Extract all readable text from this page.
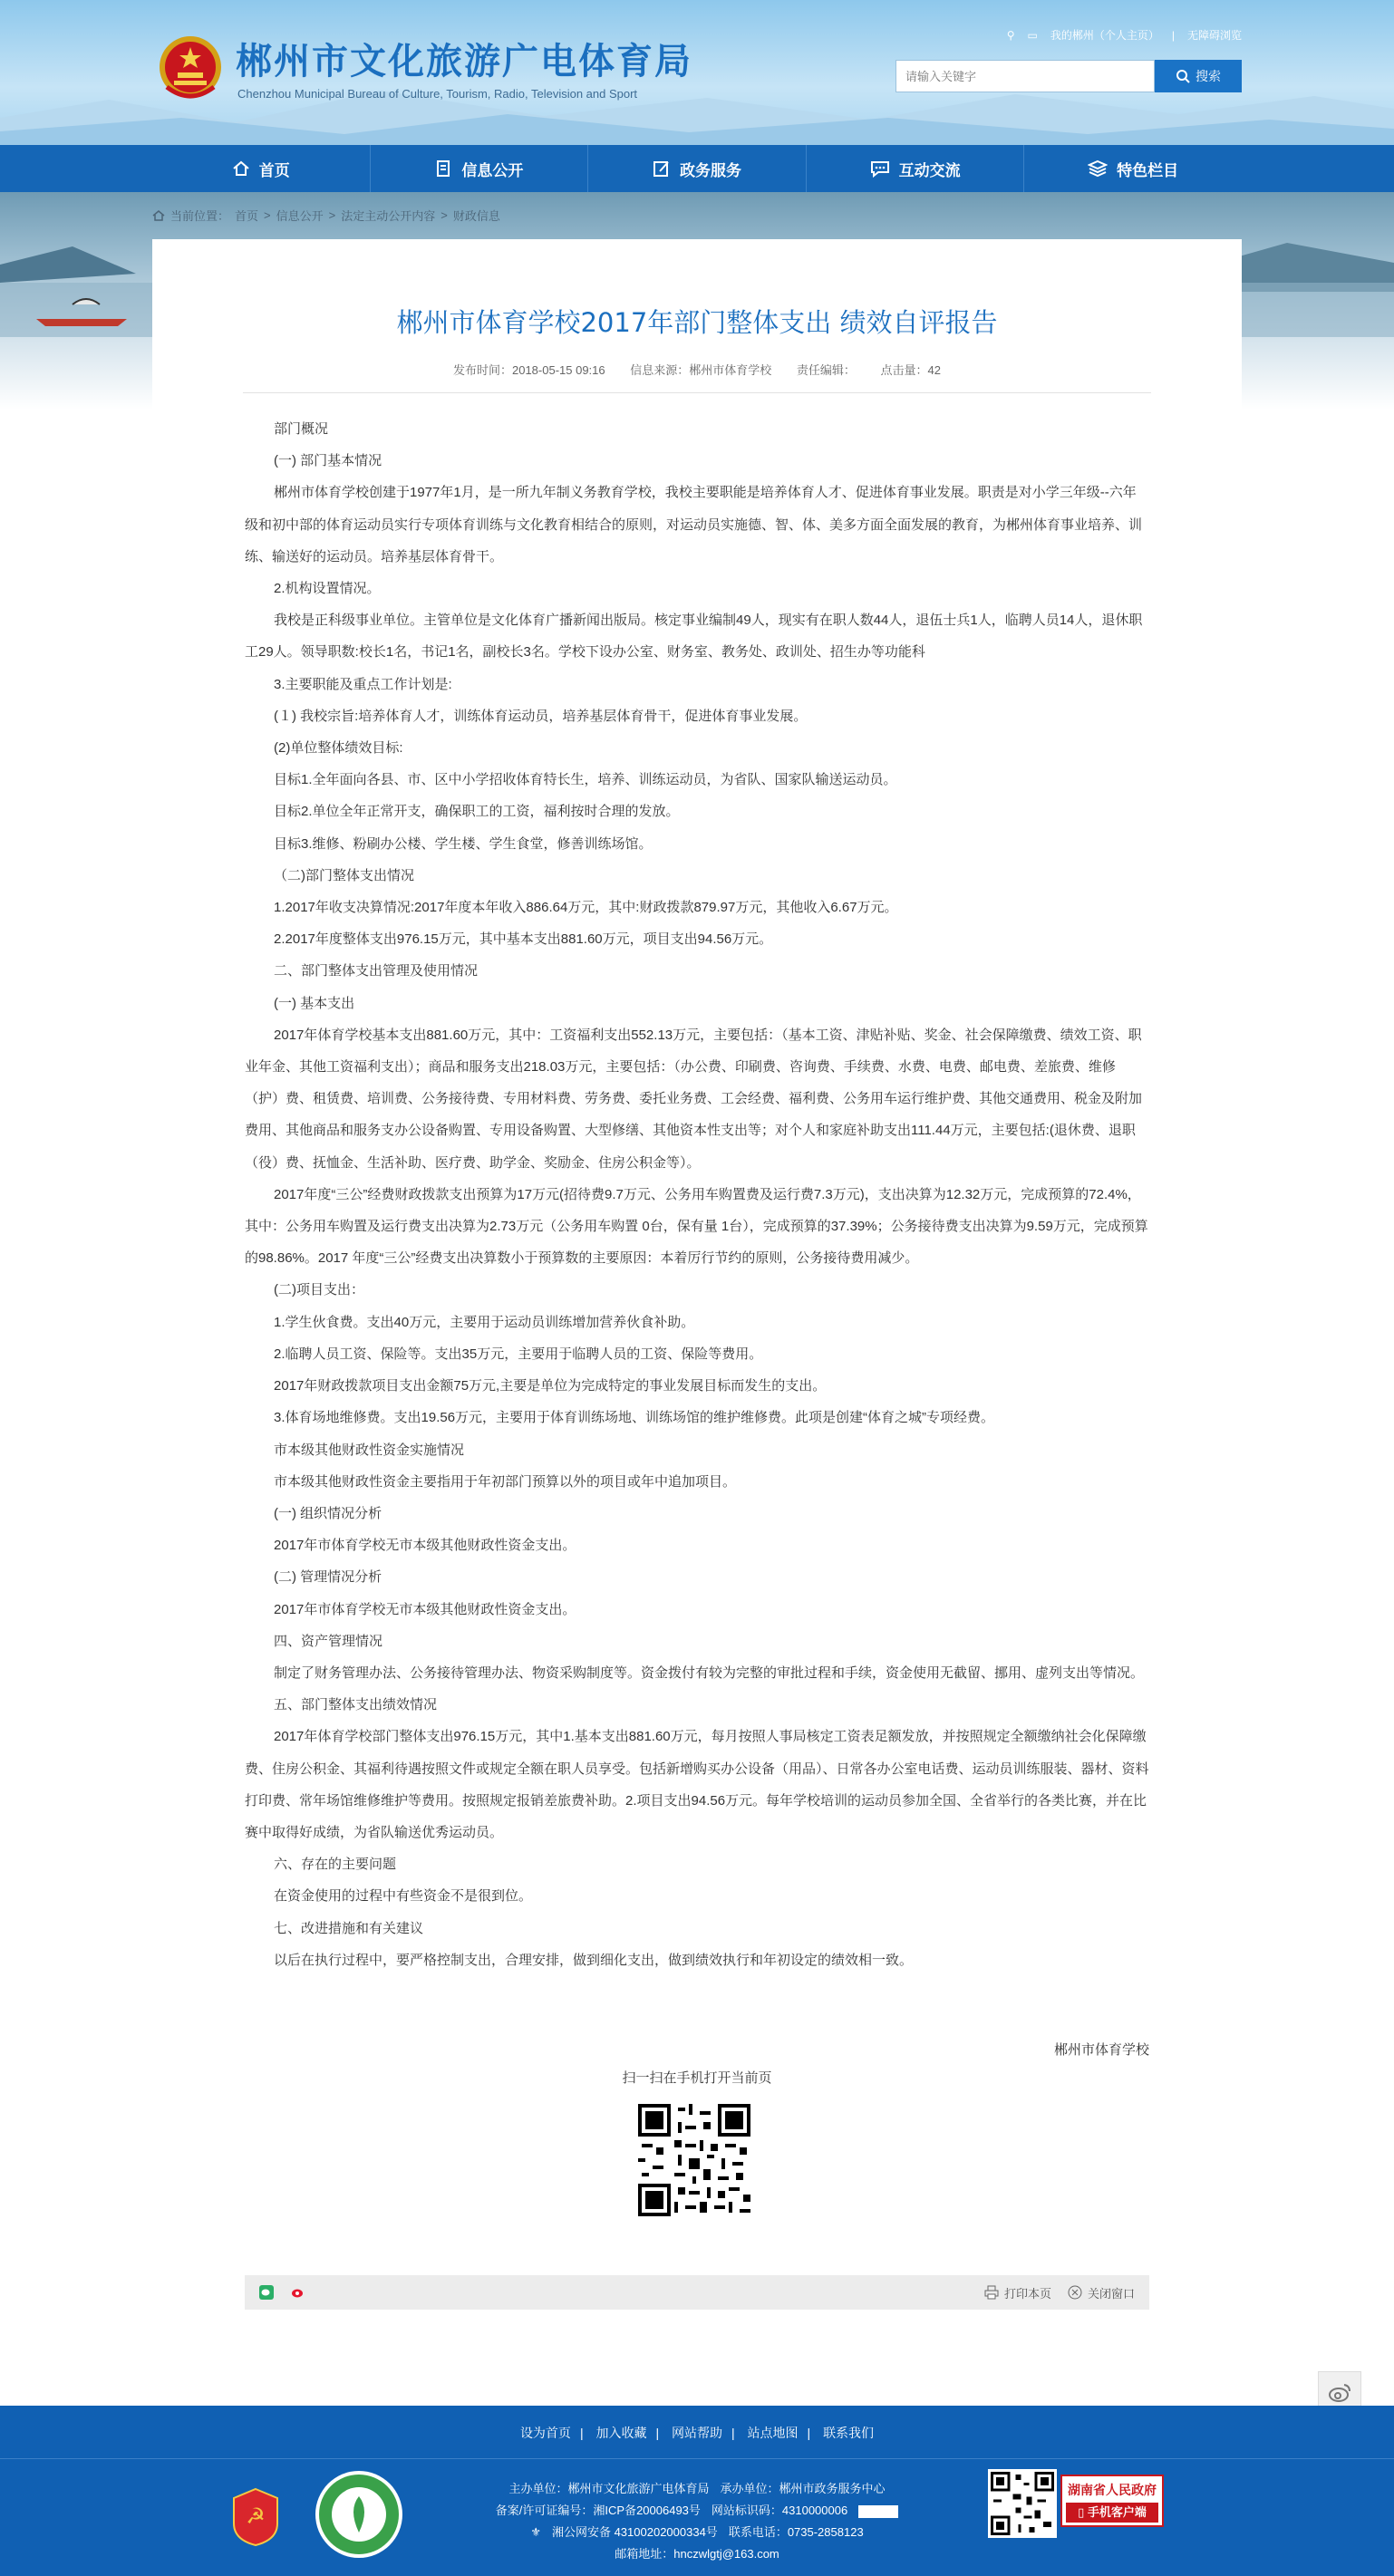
郴州市文化旅游广电体育局
Chenzhou Municipal Bureau of Culture, Tourism, Radio, Television and Sport
⚲ ▭ 我的郴州（个人主页） | 无障碍浏览
请输入关键字
搜索
首页	信息公开	政务服务	互动交流	特色栏目
当前位置： 首页 > 信息公开 > 法定主动公开内容 > 财政信息
郴州市体育学校2017年部门整体支出 绩效自评报告
发布时间：2018-05-15 09:16 信息来源：郴州市体育学校 责任编辑： 点击量：42

部门概况

(一) 部门基本情况

郴州市体育学校创建于1977年1月，是一所九年制义务教育学校，我校主要职能是培养体育人才、促进体育事业发展。职责是对小学三年级--六年级和初中部的体育运动员实行专项体育训练与文化教育相结合的原则，对运动员实施德、智、体、美多方面全面发展的教育，为郴州体育事业培养、训练、输送好的运动员。培养基层体育骨干。

2.机构设置情况。

我校是正科级事业单位。主管单位是文化体育广播新闻出版局。核定事业编制49人，现实有在职人数44人，退伍士兵1人，临聘人员14人，退休职工29人。领导职数:校长1名，书记1名，副校长3名。学校下设办公室、财务室、教务处、政训处、招生办等功能科

3.主要职能及重点工作计划是:

(１) 我校宗旨:培养体育人才，训练体育运动员，培养基层体育骨干，促进体育事业发展。

(2)单位整体绩效目标:

目标1.全年面向各县、市、区中小学招收体育特长生，培养、训练运动员，为省队、国家队输送运动员。

目标2.单位全年正常开支，确保职工的工资，福利按时合理的发放。

目标3.维修、粉刷办公楼、学生楼、学生食堂，修善训练场馆。

（二)部门整体支出情况

1.2017年收支决算情况:2017年度本年收入886.64万元，其中:财政拨款879.97万元，其他收入6.67万元。

2.2017年度整体支出976.15万元，其中基本支出881.60万元，项目支出94.56万元。

二、部门整体支出管理及使用情况

(一) 基本支出

2017年体育学校基本支出881.60万元，其中：工资福利支出552.13万元，主要包括：（基本工资、津贴补贴、奖金、社会保障缴费、绩效工资、职业年金、其他工资福利支出）；商品和服务支出218.03万元，主要包括：（办公费、印刷费、咨询费、手续费、水费、电费、邮电费、差旅费、维修（护）费、租赁费、培训费、公务接待费、专用材料费、劳务费、委托业务费、工会经费、福利费、公务用车运行维护费、其他交通费用、税金及附加费用、其他商品和服务支办公设备购置、专用设备购置、大型修缮、其他资本性支出等；对个人和家庭补助支出111.44万元，主要包括:(退休费、退职（役）费、抚恤金、生活补助、医疗费、助学金、奖励金、住房公积金等）。

2017年度“三公”经费财政拨款支出预算为17万元(招待费9.7万元、公务用车购置费及运行费7.3万元)，支出决算为12.32万元，完成预算的72.4%，其中：公务用车购置及运行费支出决算为2.73万元（公务用车购置 0台，保有量 1台），完成预算的37.39%；公务接待费支出决算为9.59万元，完成预算的98.86%。2017 年度“三公”经费支出决算数小于预算数的主要原因：本着厉行节约的原则，公务接待费用减少。

(二)项目支出：

1.学生伙食费。支出40万元，主要用于运动员训练增加营养伙食补助。

2.临聘人员工资、保险等。支出35万元，主要用于临聘人员的工资、保险等费用。

2017年财政拨款项目支出金额75万元,主要是单位为完成特定的事业发展目标而发生的支出。

3.体育场地维修费。支出19.56万元，主要用于体育训练场地、训练场馆的维护维修费。此项是创建“体育之城”专项经费。

市本级其他财政性资金实施情况

市本级其他财政性资金主要指用于年初部门预算以外的项目或年中追加项目。

(一) 组织情况分析

2017年市体育学校无市本级其他财政性资金支出。

(二) 管理情况分析

2017年市体育学校无市本级其他财政性资金支出。

四、资产管理情况

制定了财务管理办法、公务接待管理办法、物资采购制度等。资金拨付有较为完整的审批过程和手续，资金使用无截留、挪用、虚列支出等情况。

五、部门整体支出绩效情况

2017年体育学校部门整体支出976.15万元，其中1.基本支出881.60万元，每月按照人事局核定工资表足额发放，并按照规定全额缴纳社会化保障缴费、住房公积金、其福利待遇按照文件或规定全额在职人员享受。包括新增购买办公设备（用品）、日常各办公室电话费、运动员训练服装、器材、资料打印费、常年场馆维修维护等费用。按照规定报销差旅费补助。2.项目支出94.56万元。每年学校培训的运动员参加全国、全省举行的各类比赛，并在比赛中取得好成绩，为省队输送优秀运动员。

六、存在的主要问题

在资金使用的过程中有些资金不是很到位。

七、改进措施和有关建议

以后在执行过程中，要严格控制支出，合理安排，做到细化支出，做到绩效执行和年初设定的绩效相一致。

郴州市体育学校
扫一扫在手机打开当前页
打印本页	关闭窗口
设为首页 | 加入收藏 | 网站帮助 | 站点地图 | 联系我们
☭
主办单位：郴州市文化旅游广电体育局 承办单位：郴州市政务服务中心
备案/许可证编号：湘ICP备20006493号 网站标识码：4310000006
⚜ 湘公网安备 43100202000334号 联系电话：0735-2858123
邮箱地址：hnczwlgtj@163.com
湖南省人民政府
▯ 手机客户端
